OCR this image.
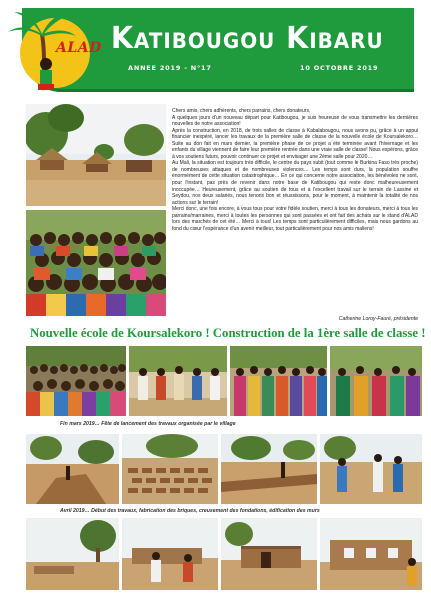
ALAD Katibougou Kibaru
ANNEE 2019 - N°17	10 OCTOBRE 2019

Chers amis, chers adhérents, chers parrains, chers donateurs,

A quelques jours d'un nouveau départ pour Katibougou, je suis heureuse de vous transmettre les dernières nouvelles de notre association!

Après la construction, en 2018, de trois salles de classe à Kabalabougou, nous avons pu, grâce à un appui financier inespéré, lancer les travaux de la première salle de classe de la nouvelle école de Koursalekoro… Suite au don fait en mars dernier, la première phase de ce projet a été terminée avant l'hivernage et les enfants du village viennent de faire leur première rentrée dans une vraie salle de classe! Nous espérons, grâce à vos soutiens futurs, pouvoir continuer ce projet et envisager une 2ème salle pour 2020…

Au Mali, la situation est toujours très difficile, le centre du pays subit (tout comme le Burkina Faso très proche) de nombreuses attaques et de nombreuses violences… Les temps sont durs, la population souffre énormément de cette situation catastrophique… En ce qui concerne notre association, les bénévoles ne sont, pour l'instant, pas près de revenir dans notre base de Katibougou qui reste donc malheureusement inoccupée… Heureusement, grâce au soutien de tous et à l'excellent travail sur le terrain de Lassine et Seydou, nos deux salariés, nous tenons bon et réussissons, pour le moment, à maintenir la totalité de nos actions sur le terrain!

Merci donc, une fois encore, à vous tous pour votre fidèle soutien, merci à tous les donateurs, merci à tous les parrains/marraines, merci à toutes les personnes qui sont passées et ont fait des achats sur le stand d'ALAD lors des marchés de cet été… Merci à tous! Les temps sont particulièrement difficiles, mais nous gardons au fond du cœur l'espérance d'un avenir meilleur, tout particulièrement pour nos amis maliens!

Catherine Loroy-Fauré, présidente
Nouvelle école de Koursalekoro ! Construction de la 1ère salle de classe !
Fin mars 2019… Fête de lancement des travaux organisée par le village
Avril 2019… Début des travaux, fabrication des briques, creusement des fondations, édification des murs
